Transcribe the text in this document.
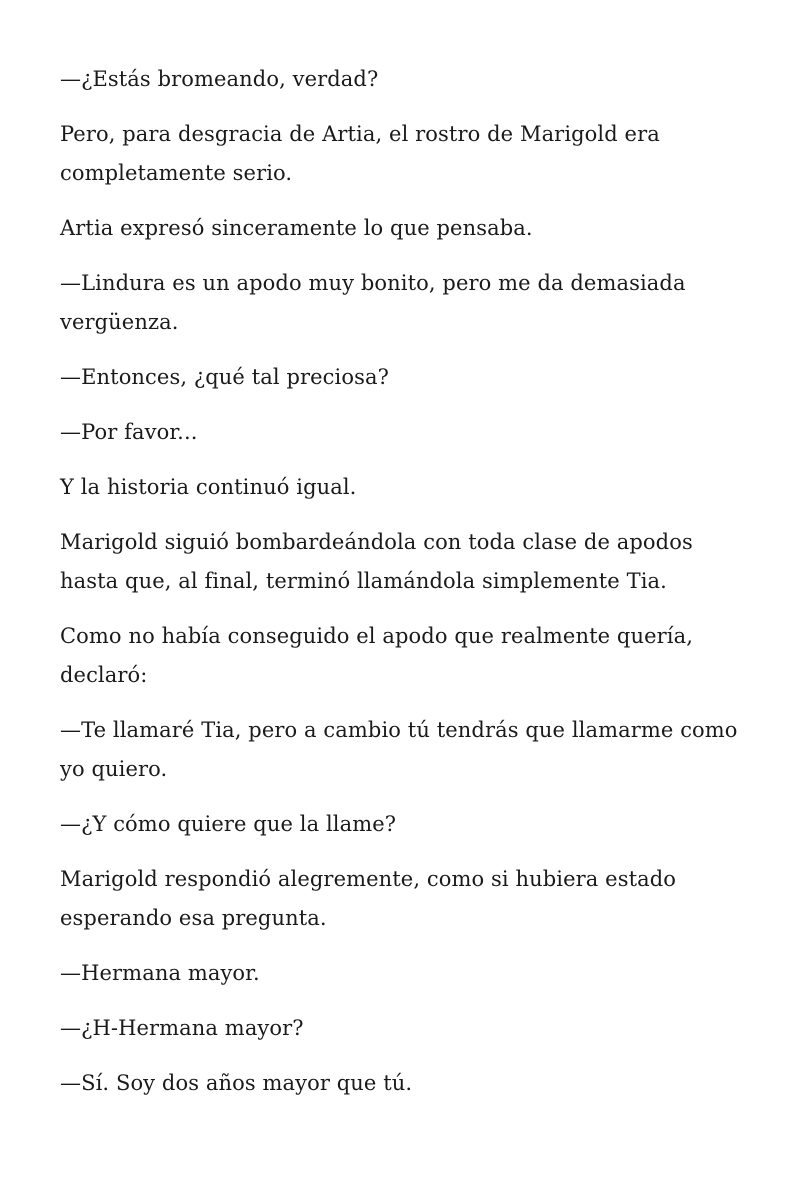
—¿Estás bromeando, verdad?

Pero, para desgracia de Artia, el rostro de Marigold era completamente serio.

Artia expresó sinceramente lo que pensaba.

—Lindura es un apodo muy bonito, pero me da demasiada vergüenza.

—Entonces, ¿qué tal preciosa?

—Por favor...

Y la historia continuó igual.

Marigold siguió bombardeándola con toda clase de apodos hasta que, al final, terminó llamándola simplemente Tia.

Como no había conseguido el apodo que realmente quería, declaró:

—Te llamaré Tia, pero a cambio tú tendrás que llamarme como yo quiero.

—¿Y cómo quiere que la llame?

Marigold respondió alegremente, como si hubiera estado esperando esa pregunta.

—Hermana mayor.

—¿H-Hermana mayor?

—Sí. Soy dos años mayor que tú.
